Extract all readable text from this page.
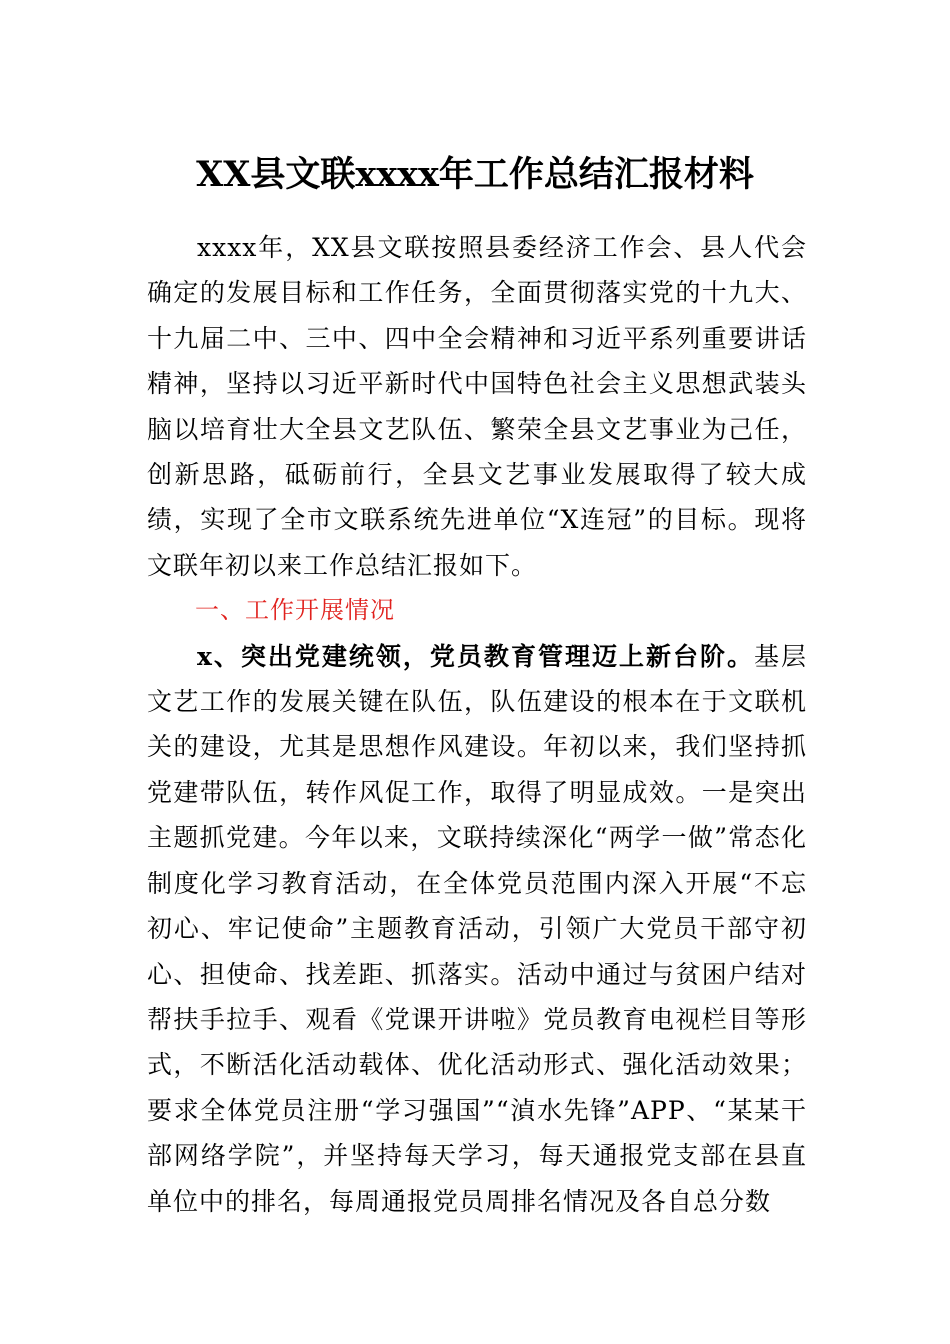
XX县文联xxxx年工作总结汇报材料

xxxx年，XX县文联按照县委经济工作会、县人代会确定的发展目标和工作任务，全面贯彻落实党的十九大、十九届二中、三中、四中全会精神和习近平系列重要讲话精神，坚持以习近平新时代中国特色社会主义思想武装头脑以培育壮大全县文艺队伍、繁荣全县文艺事业为己任，创新思路，砥砺前行，全县文艺事业发展取得了较大成绩，实现了全市文联系统先进单位“X连冠”的目标。现将文联年初以来工作总结汇报如下。

一、工作开展情况

x、突出党建统领，党员教育管理迈上新台阶。基层文艺工作的发展关键在队伍，队伍建设的根本在于文联机关的建设，尤其是思想作风建设。年初以来，我们坚持抓党建带队伍，转作风促工作，取得了明显成效。一是突出主题抓党建。今年以来，文联持续深化“两学一做”常态化制度化学习教育活动，在全体党员范围内深入开展“不忘初心、牢记使命”主题教育活动，引领广大党员干部守初心、担使命、找差距、抓落实。活动中通过与贫困户结对帮扶手拉手、观看《党课开讲啦》党员教育电视栏目等形式，不断活化活动载体、优化活动形式、强化活动效果；要求全体党员注册“学习强国”“湞水先锋”APP、“某某干部网络学院”，并坚持每天学习，每天通报党支部在县直单位中的排名，每周通报党员周排名情况及各自总分数
